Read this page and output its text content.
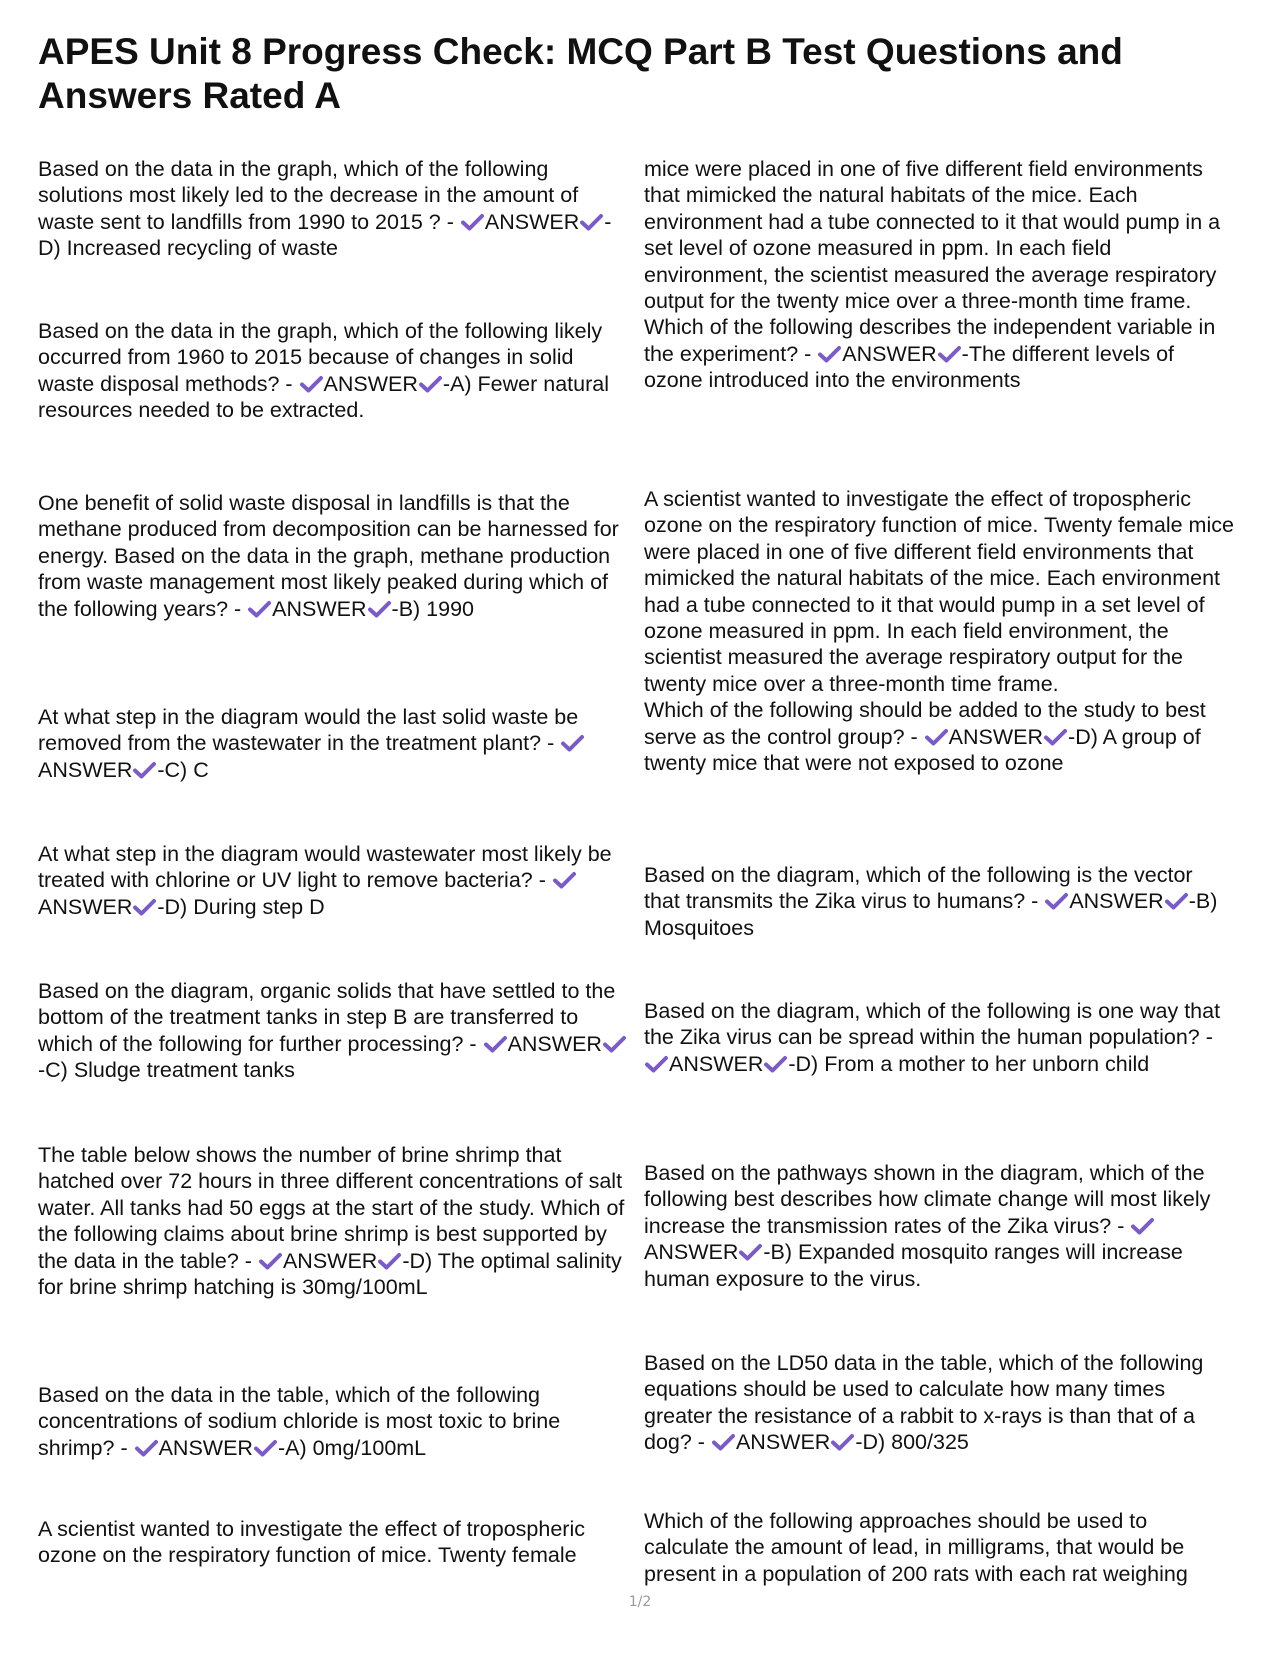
APES Unit 8 Progress Check: MCQ Part B Test Questions and Answers Rated A

Based on the data in the graph, which of the following solutions most likely led to the decrease in the amount of waste sent to landfills from 1990 to 2015 ? - ANSWER -D) Increased recycling of waste

Based on the data in the graph, which of the following likely occurred from 1960 to 2015 because of changes in solid waste disposal methods? - ANSWER -A) Fewer natural resources needed to be extracted.

One benefit of solid waste disposal in landfills is that the methane produced from decomposition can be harnessed for energy. Based on the data in the graph, methane production from waste management most likely peaked during which of the following years? - ANSWER -B) 1990

At what step in the diagram would the last solid waste be removed from the wastewater in the treatment plant? -
ANSWER -C) C

At what step in the diagram would wastewater most likely be treated with chlorine or UV light to remove bacteria? -
ANSWER -D) During step D

Based on the diagram, organic solids that have settled to the bottom of the treatment tanks in step B are transferred to which of the following for further processing? - ANSWER
-C) Sludge treatment tanks

The table below shows the number of brine shrimp that hatched over 72 hours in three different concentrations of salt water. All tanks had 50 eggs at the start of the study. Which of the following claims about brine shrimp is best supported by the data in the table? - ANSWER -D) The optimal salinity for brine shrimp hatching is 30mg/100mL

Based on the data in the table, which of the following concentrations of sodium chloride is most toxic to brine shrimp? - ANSWER -A) 0mg/100mL

A scientist wanted to investigate the effect of tropospheric ozone on the respiratory function of mice. Twenty female

mice were placed in one of five different field environments that mimicked the natural habitats of the mice. Each environment had a tube connected to it that would pump in a set level of ozone measured in ppm. In each field environment, the scientist measured the average respiratory output for the twenty mice over a three-month time frame.
Which of the following describes the independent variable in the experiment? - ANSWER -The different levels of ozone introduced into the environments

A scientist wanted to investigate the effect of tropospheric ozone on the respiratory function of mice. Twenty female mice were placed in one of five different field environments that mimicked the natural habitats of the mice. Each environment had a tube connected to it that would pump in a set level of ozone measured in ppm. In each field environment, the scientist measured the average respiratory output for the twenty mice over a three-month time frame.
Which of the following should be added to the study to best serve as the control group? - ANSWER -D) A group of twenty mice that were not exposed to ozone

Based on the diagram, which of the following is the vector that transmits the Zika virus to humans? - ANSWER -B) Mosquitoes

Based on the diagram, which of the following is one way that the Zika virus can be spread within the human population? -
ANSWER -D) From a mother to her unborn child

Based on the pathways shown in the diagram, which of the following best describes how climate change will most likely increase the transmission rates of the Zika virus? -
ANSWER -B) Expanded mosquito ranges will increase human exposure to the virus.

Based on the LD50 data in the table, which of the following equations should be used to calculate how many times greater the resistance of a rabbit to x-rays is than that of a dog? - ANSWER -D) 800/325

Which of the following approaches should be used to calculate the amount of lead, in milligrams, that would be present in a population of 200 rats with each rat weighing

1/2
